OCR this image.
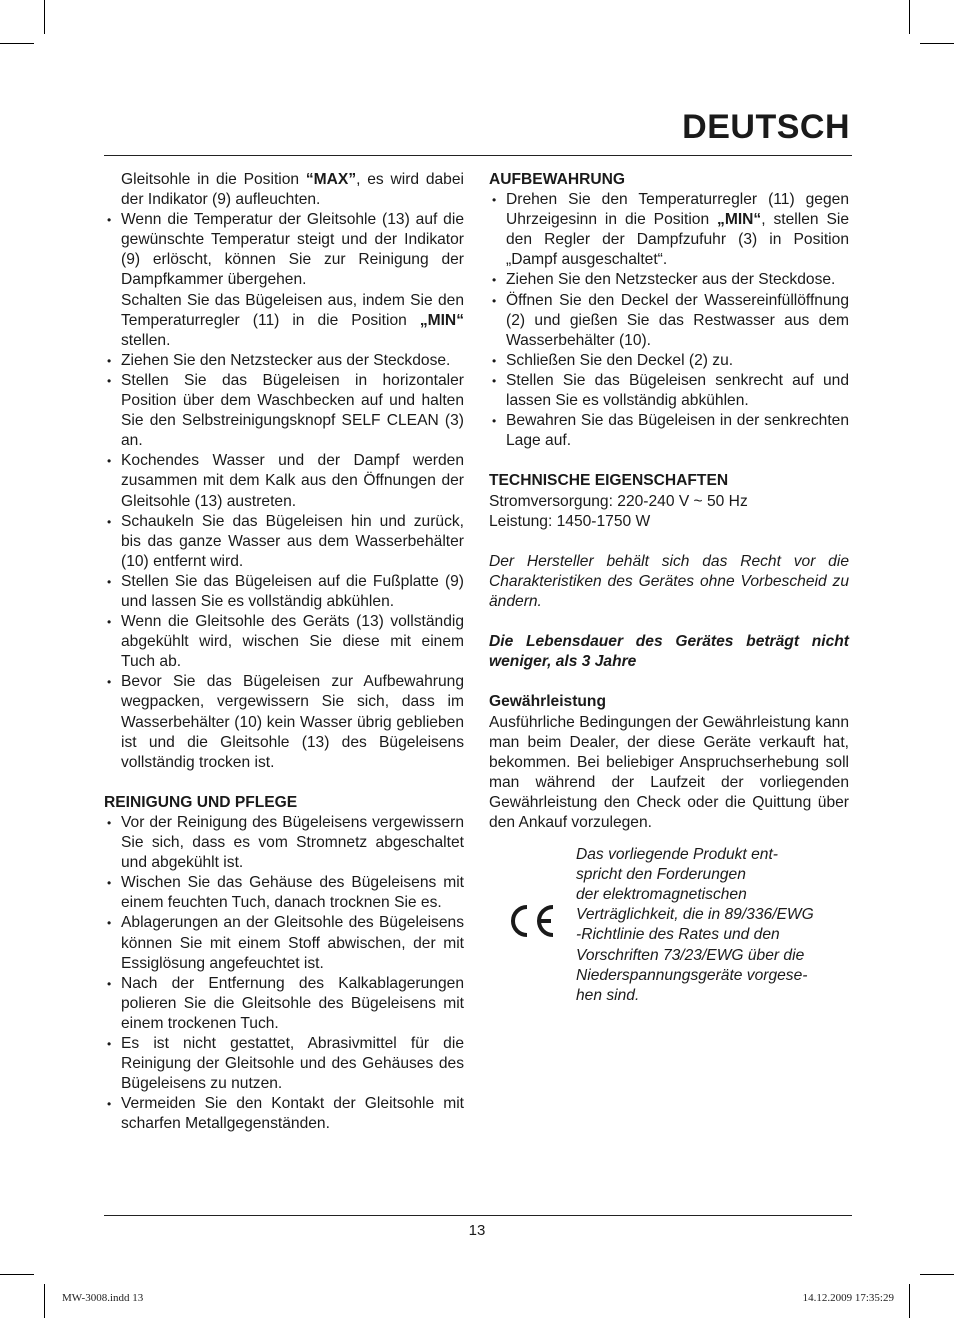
DEUTSCH

Gleitsohle in die Position “MAX”, es wird dabei der Indikator (9) aufleuchten.

• Wenn die Temperatur der Gleitsohle (13) auf die gewünschte Temperatur steigt und der Indikator (9) erlöscht, können Sie zur Reinigung der Dampfkammer übergehen.

Schalten Sie das Bügeleisen aus, indem Sie den Temperaturregler (11) in die Position „MIN“ stellen.

• Ziehen Sie den Netzstecker aus der Steckdose.

• Stellen Sie das Bügeleisen in horizontaler Position über dem Waschbecken auf und halten Sie den Selbstreinigungsknopf SELF CLEAN (3) an.

• Kochendes Wasser und der Dampf werden zusammen mit dem Kalk aus den Öffnungen der Gleitsohle (13) austreten.

• Schaukeln Sie das Bügeleisen hin und zurück, bis das ganze Wasser aus dem Wasserbehälter (10) entfernt wird.

• Stellen Sie das Bügeleisen auf die Fußplatte (9) und lassen Sie es vollständig abkühlen.

• Wenn die Gleitsohle des Geräts (13) vollständig abgekühlt wird, wischen Sie diese mit einem Tuch ab.

• Bevor Sie das Bügeleisen zur Aufbewahrung wegpacken, vergewissern Sie sich, dass im Wasserbehälter (10) kein Wasser übrig geblieben ist und die Gleitsohle (13) des Bügeleisens vollständig trocken ist.

REINIGUNG UND PFLEGE
• Vor der Reinigung des Bügeleisens vergewissern Sie sich, dass es vom Stromnetz abgeschaltet und abgekühlt ist.

• Wischen Sie das Gehäuse des Bügeleisens mit einem feuchten Tuch, danach trocknen Sie es.

• Ablagerungen an der Gleitsohle des Bügeleisens können Sie mit einem Stoff abwischen, der mit Essiglösung angefeuchtet ist.

• Nach der Entfernung des Kalkablagerungen polieren Sie die Gleitsohle des Bügeleisens mit einem trockenen Tuch.

• Es ist nicht gestattet, Abrasivmittel für die Reinigung der Gleitsohle und des Gehäuses des Bügeleisens zu nutzen.

• Vermeiden Sie den Kontakt der Gleitsohle mit scharfen Metallgegenständen.

AUFBEWAHRUNG
• Drehen Sie den Temperaturregler (11) gegen Uhrzeigesinn in die Position „MIN“, stellen Sie den Regler der Dampfzufuhr (3) in Position „Dampf ausgeschaltet“.

• Ziehen Sie den Netzstecker aus der Steckdose.

• Öffnen Sie den Deckel der Wassereinfüllöffnung (2) und gießen Sie das Restwasser aus dem Wasserbehälter (10).

• Schließen Sie den Deckel (2) zu.

• Stellen Sie das Bügeleisen senkrecht auf und lassen Sie es vollständig abkühlen.

• Bewahren Sie das Bügeleisen in der senkrechten Lage auf.

TECHNISCHE EIGENSCHAFTEN

Stromversorgung: 220-240 V ~ 50 Hz

Leistung: 1450-1750 W

Der Hersteller behält sich das Recht vor die Charakteristiken des Gerätes ohne Vorbescheid zu ändern.

Die Lebensdauer des Gerätes beträgt nicht weniger, als 3 Jahre

Gewährleistung

Ausführliche Bedingungen der Gewährleistung kann man beim Dealer, der diese Geräte verkauft hat, bekommen. Bei beliebiger Anspruchserhebung soll man während der Laufzeit der vorliegenden Gewährleistung den Check oder die Quittung über den Ankauf vorzulegen.

Das vorliegende Produkt ent-
spricht den Forderungen
der elektromagnetischen
Verträglichkeit, die in 89/336/EWG
-Richtlinie des Rates und den
Vorschriften 73/23/EWG über die
Niederspannungsgeräte vorgese-
hen sind.
13
MW-3008.indd 13	14.12.2009 17:35:29
